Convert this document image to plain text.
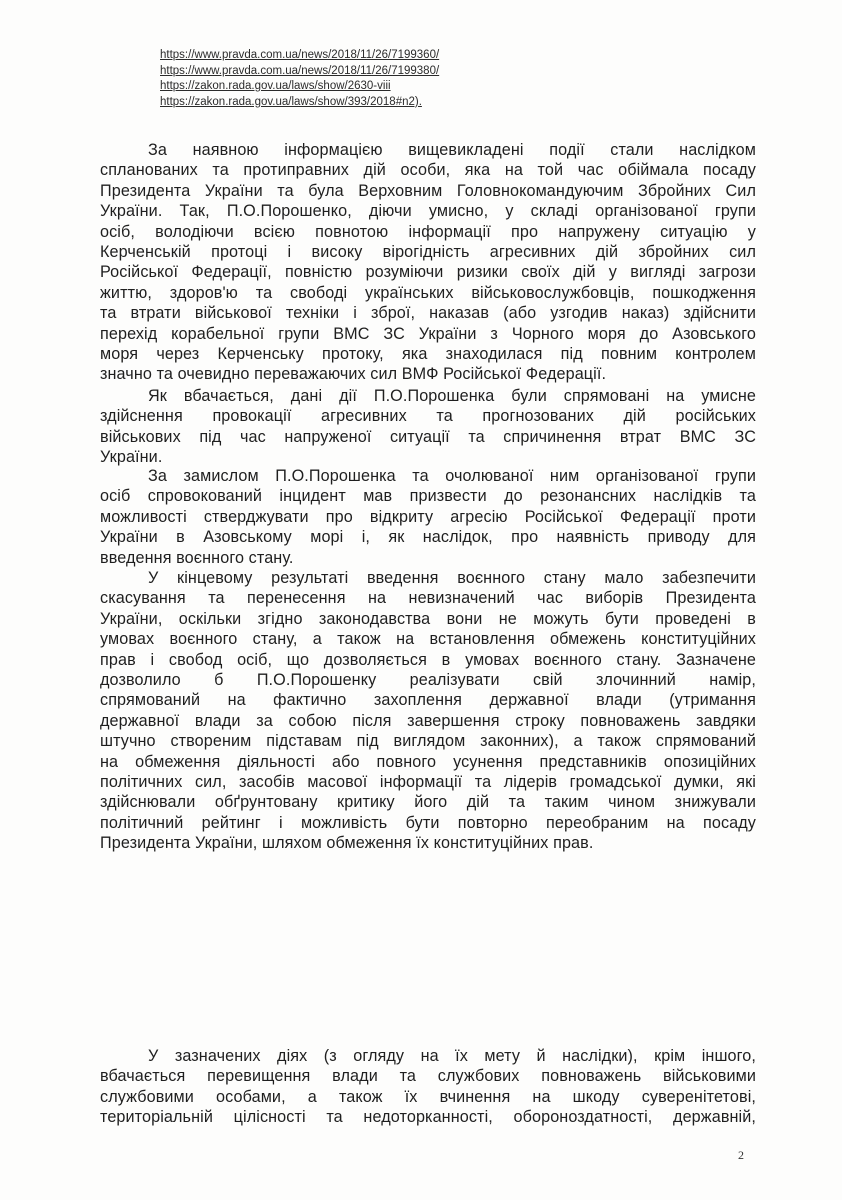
https://www.pravda.com.ua/news/2018/11/26/7199360/
https://www.pravda.com.ua/news/2018/11/26/7199380/
https://zakon.rada.gov.ua/laws/show/2630-viii
https://zakon.rada.gov.ua/laws/show/393/2018#n2).
За наявною інформацією вищевикладені події стали наслідком
спланованих та протиправних дій особи, яка на той час обіймала посаду
Президента України та була Верховним Головнокомандуючим Збройних Сил
України. Так, П.О.Порошенко, діючи умисно, у складі організованої групи
осіб, володіючи всією повнотою інформації про напружену ситуацію у
Керченській протоці і високу вірогідність агресивних дій збройних сил
Російської Федерації, повністю розуміючи ризики своїх дій у вигляді загрози
життю, здоров'ю та свободі українських військовослужбовців, пошкодження
та втрати військової техніки і зброї, наказав (або узгодив наказ) здійснити
перехід корабельної групи ВМС ЗС України з Чорного моря до Азовського
моря через Керченську протоку, яка знаходилася під повним контролем
значно та очевидно переважаючих сил ВМФ Російської Федерації.
Як вбачається, дані дії П.О.Порошенка були спрямовані на умисне
здійснення провокації агресивних та прогнозованих дій російських
військових під час напруженої ситуації та спричинення втрат ВМС ЗС
України.
За замислом П.О.Порошенка та очолюваної ним організованої групи
осіб спровокований інцидент мав призвести до резонансних наслідків та
можливості стверджувати про відкриту агресію Російської Федерації проти
України в Азовському морі і, як наслідок, про наявність приводу для
введення воєнного стану.
У кінцевому результаті введення воєнного стану мало забезпечити
скасування та перенесення на невизначений час виборів Президента
України, оскільки згідно законодавства вони не можуть бути проведені в
умовах воєнного стану, а також на встановлення обмежень конституційних
прав і свобод осіб, що дозволяється в умовах воєнного стану. Зазначене
дозволило б П.О.Порошенку реалізувати свій злочинний намір,
спрямований на фактично захоплення державної влади (утримання
державної влади за собою після завершення строку повноважень завдяки
штучно створеним підставам під виглядом законних), а також спрямований
на обмеження діяльності або повного усунення представників опозиційних
політичних сил, засобів масової інформації та лідерів громадської думки, які
здійснювали обґрунтовану критику його дій та таким чином знижували
політичний рейтинг і можливість бути повторно переобраним на посаду
Президента України, шляхом обмеження їх конституційних прав.
У зазначених діях (з огляду на їх мету й наслідки), крім іншого,
вбачається перевищення влади та службових повноважень військовими
службовими особами, а також їх вчинення на шкоду суверенітетові,
територіальній цілісності та недоторканності, обороноздатності, державній,
2
